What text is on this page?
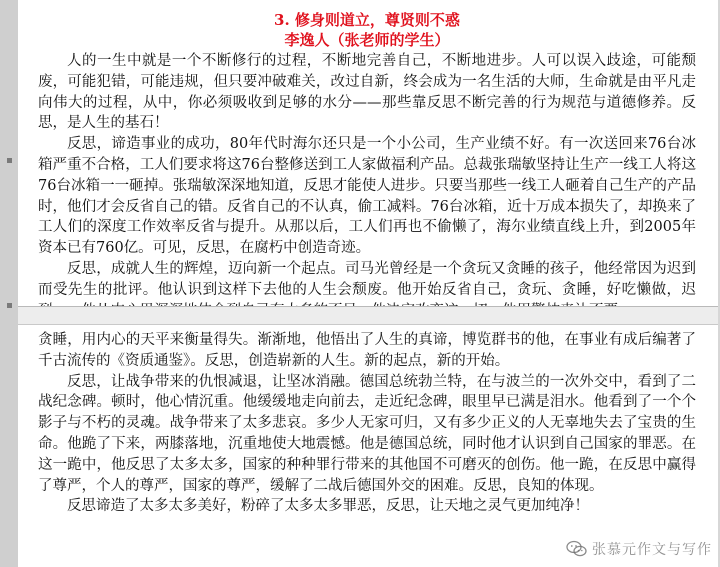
3. 修身则道立，尊贤则不惑
李逸人（张老师的学生）

人的一生中就是一个不断修行的过程，不断地完善自己，不断地进步。人可以误入歧途，可能颓废，可能犯错，可能违规，但只要冲破难关，改过自新，终会成为一名生活的大师，生命就是由平凡走向伟大的过程，从中，你必须吸收到足够的水分——那些靠反思不断完善的行为规范与道德修养。反思，是人生的基石！

反思，谛造事业的成功，80年代时海尔还只是一个小公司，生产业绩不好。有一次送回来76台冰箱严重不合格，工人们要求将这76台整修送到工人家做福利产品。总裁张瑞敏坚持让生产一线工人将这76台冰箱一一砸掉。张瑞敏深深地知道，反思才能使人进步。只要当那些一线工人砸着自己生产的产品时，他们才会反省自己的错。反省自己的不认真，偷工减料。76台冰箱，近十万成本损失了，却换来了工人们的深度工作效率反省与提升。从那以后，工人们再也不偷懒了，海尔业绩直线上升，到2005年资本已有760亿。可见，反思，在腐朽中创造奇迹。

反思，成就人生的辉煌，迈向新一个起点。司马光曾经是一个贪玩又贪睡的孩子，他经常因为迟到而受先生的批评。他认识到这样下去他的人生会颓废。他开始反省自己，贪玩、贪睡，好吃懒做，迟

贪睡，用内心的天平来衡量得失。渐渐地，他悟出了人生的真谛，博览群书的他，在事业有成后编著了千古流传的《资质通鉴》。反思，创造崭新的人生。新的起点，新的开始。

反思，让战争带来的仇恨减退，让坚冰消融。德国总统勃兰特，在与波兰的一次外交中，看到了二战纪念碑。顿时，他心情沉重。他缓缓地走向前去，走近纪念碑，眼里早已满是泪水。他看到了一个个影子与不朽的灵魂。战争带来了太多悲哀。多少人无家可归，又有多少正义的人无辜地失去了宝贵的生命。他跪了下来，两膝落地，沉重地使大地震憾。他是德国总统，同时他才认识到自己国家的罪恶。在这一跪中，他反思了太多太多，国家的种种罪行带来的其他国不可磨灭的创伤。他一跪，在反思中赢得了尊严，个人的尊严，国家的尊严，缓解了二战后德国外交的困难。反思，良知的体现。

反思谛造了太多太多美好，粉碎了太多太多罪恶，反思，让天地之灵气更加纯净！

张慕元作文与写作
